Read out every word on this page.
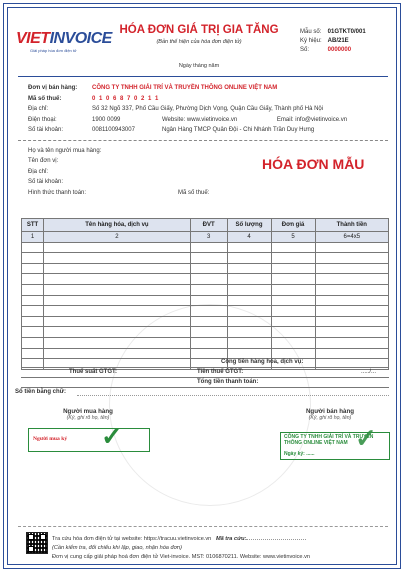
VIETINVOICE
Giải pháp hóa đơn điện tử
HÓA ĐƠN GIÁ TRỊ GIA TĂNG
(Bản thể hiện của hóa đơn điện tử)
Ngày tháng năm
Mẫu số: 01GTKT0/001
Ký hiệu: AB/21E
Số:	0000000
Đơn vị bán hàng: CÔNG TY TNHH GIẢI TRÍ VÀ TRUYỀN THÔNG ONLINE VIỆT NAM
Mã số thuế:	0 1 0 6 8 7 0 2 1 1
Địa chỉ:	Số 32 Ngõ 337, Phố Cầu Giấy, Phường Dịch Vọng, Quận Cầu Giấy, Thành phố Hà Nội
Điện thoại:	1900 0099	Website: www.vietinvoice.vn	Email: info@vietinvoice.vn
Số tài khoản:	0081100943007	Ngân Hàng TMCP Quân Đội - Chi Nhánh Trần Duy Hưng
Họ và tên người mua hàng:
Tên đơn vị:
Địa chỉ:
Số tài khoản:
Hình thức thanh toán:	Mã số thuế:
HÓA ĐƠN MẪU
STT	Tên hàng hóa, dịch vụ	ĐVT	Số lượng	Đơn giá	Thành tiền
1	2	3	4	5	6=4x5

Cộng tiền hàng hóa, dịch vụ:
Thuế suất GTGT:	Tiền thuế GTGT:	...../...
Tổng tiền thanh toán:
Số tiền bằng chữ:
Người mua hàng
(Ký, ghi rõ họ, tên)
Người mua ký ✓
Người bán hàng
(Ký, ghi rõ họ, tên)
CÔNG TY TNHH GIẢI TRÍ VÀ TRUYỀN THÔNG ONLINE VIỆT NAM
Ngày ký: ......
✓
Tra cứu hóa đơn điện tử tại website: https://tracuu.vietinvoice.vn Mã tra cứu:
(Cần kiểm tra, đối chiếu khi lập, giao, nhận hóa đơn)
Đơn vị cung cấp giải pháp hoá đơn điện tử Viet-invoice. MST: 0106870211. Website: www.vietinvoice.vn
